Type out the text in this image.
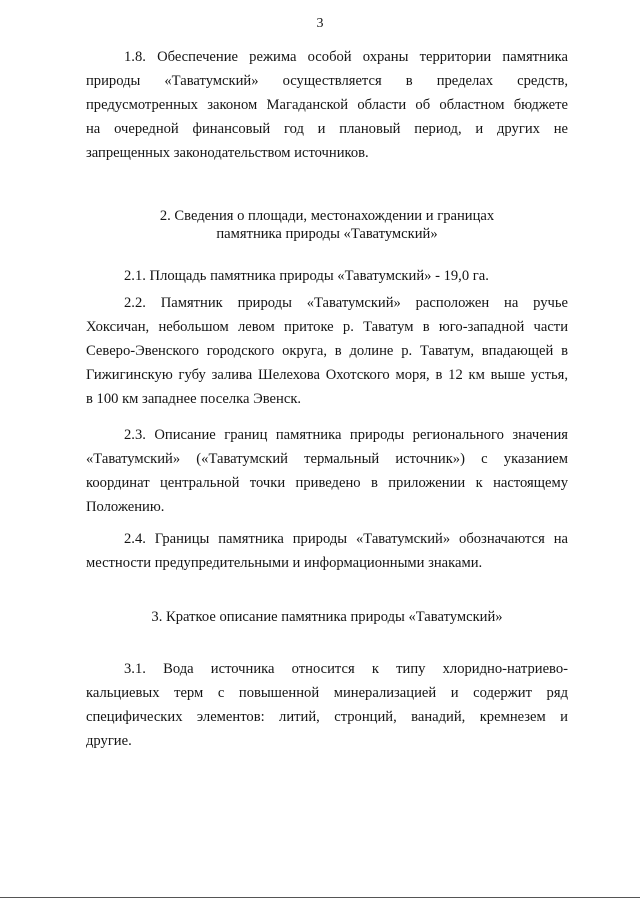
3
1.8. Обеспечение режима особой охраны территории памятника
природы «Таватумский» осуществляется в пределах средств,
предусмотренных законом Магаданской области об областном бюджете
на очередной финансовый год и плановый период, и других не
запрещенных законодательством источников.
2. Сведения о площади, местонахождении и границах
памятника природы «Таватумский»
2.1. Площадь памятника природы «Таватумский» - 19,0 га.
2.2. Памятник природы «Таватумский» расположен на ручье
Хоксичан, небольшом левом притоке р. Таватум в юго-западной части
Северо-Эвенского городского округа, в долине р. Таватум, впадающей в
Гижигинскую губу залива Шелехова Охотского моря, в 12 км выше устья,
в 100 км западнее поселка Эвенск.
2.3. Описание границ памятника природы регионального значения
«Таватумский» («Таватумский термальный источник») с указанием
координат центральной точки приведено в приложении к настоящему
Положению.
2.4. Границы памятника природы «Таватумский» обозначаются на
местности предупредительными и информационными знаками.
3. Краткое описание памятника природы «Таватумский»
3.1. Вода источника относится к типу хлоридно-натриево-
кальциевых терм с повышенной минерализацией и содержит ряд
специфических элементов: литий, стронций, ванадий, кремнезем и
другие.
